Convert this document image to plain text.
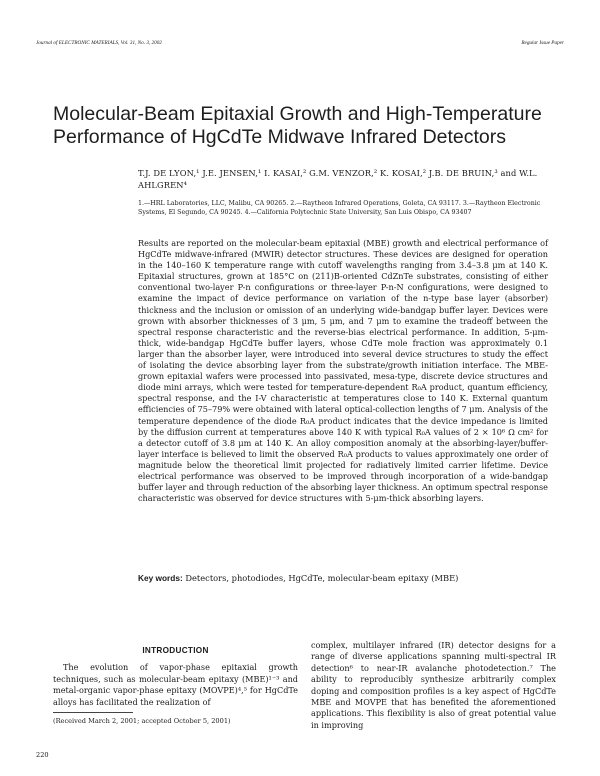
Journal of ELECTRONIC MATERIALS, Vol. 31, No. 3, 2002	Regular Issue Paper
Molecular-Beam Epitaxial Growth and High-Temperature Performance of HgCdTe Midwave Infrared Detectors
T.J. DE LYON,¹ J.E. JENSEN,¹ I. KASAI,² G.M. VENZOR,² K. KOSAI,² J.B. DE BRUIN,³ and W.L. AHLGREN⁴
1.—HRL Laboratories, LLC, Malibu, CA 90265. 2.—Raytheon Infrared Operations, Goleta, CA 93117. 3.—Raytheon Electronic Systems, El Segundo, CA 90245. 4.—California Polytechnic State University, San Luis Obispo, CA 93407
Results are reported on the molecular-beam epitaxial (MBE) growth and electrical performance of HgCdTe midwave-infrared (MWIR) detector structures. These devices are designed for operation in the 140–160 K temperature range with cutoff wavelengths ranging from 3.4–3.8 μm at 140 K. Epitaxial structures, grown at 185°C on (211)B-oriented CdZnTe substrates, consisting of either conventional two-layer P-n configurations or three-layer P-n-N configurations, were designed to examine the impact of device performance on variation of the n-type base layer (absorber) thickness and the inclusion or omission of an underlying wide-bandgap buffer layer. Devices were grown with absorber thicknesses of 3 μm, 5 μm, and 7 μm to examine the tradeoff between the spectral response characteristic and the reverse-bias electrical performance. In addition, 5-μm-thick, wide-bandgap HgCdTe buffer layers, whose CdTe mole fraction was approximately 0.1 larger than the absorber layer, were introduced into several device structures to study the effect of isolating the device absorbing layer from the substrate/growth initiation interface. The MBE-grown epitaxial wafers were processed into passivated, mesa-type, discrete device structures and diode mini arrays, which were tested for temperature-dependent R₀A product, quantum efficiency, spectral response, and the I-V characteristic at temperatures close to 140 K. External quantum efficiencies of 75–79% were obtained with lateral optical-collection lengths of 7 μm. Analysis of the temperature dependence of the diode R₀A product indicates that the device impedance is limited by the diffusion current at temperatures above 140 K with typical R₀A values of 2 × 10⁶ Ω cm² for a detector cutoff of 3.8 μm at 140 K. An alloy composition anomaly at the absorbing-layer/buffer-layer interface is believed to limit the observed R₀A products to values approximately one order of magnitude below the theoretical limit projected for radiatively limited carrier lifetime. Device electrical performance was observed to be improved through incorporation of a wide-bandgap buffer layer and through reduction of the absorbing layer thickness. An optimum spectral response characteristic was observed for device structures with 5-μm-thick absorbing layers.
Key words: Detectors, photodiodes, HgCdTe, molecular-beam epitaxy (MBE)
INTRODUCTION

The evolution of vapor-phase epitaxial growth techniques, such as molecular-beam epitaxy (MBE)¹⁻³ and metal-organic vapor-phase epitaxy (MOVPE)⁴,⁵ for HgCdTe alloys has facilitated the realization of

complex, multilayer infrared (IR) detector designs for a range of diverse applications spanning multi-spectral IR detection⁶ to near-IR avalanche photodetection.⁷ The ability to reproducibly synthesize arbitrarily complex doping and composition profiles is a key aspect of HgCdTe MBE and MOVPE that has benefited the aforementioned applications. This flexibility is also of great potential value in improving

(Received March 2, 2001; accepted October 5, 2001)
220
